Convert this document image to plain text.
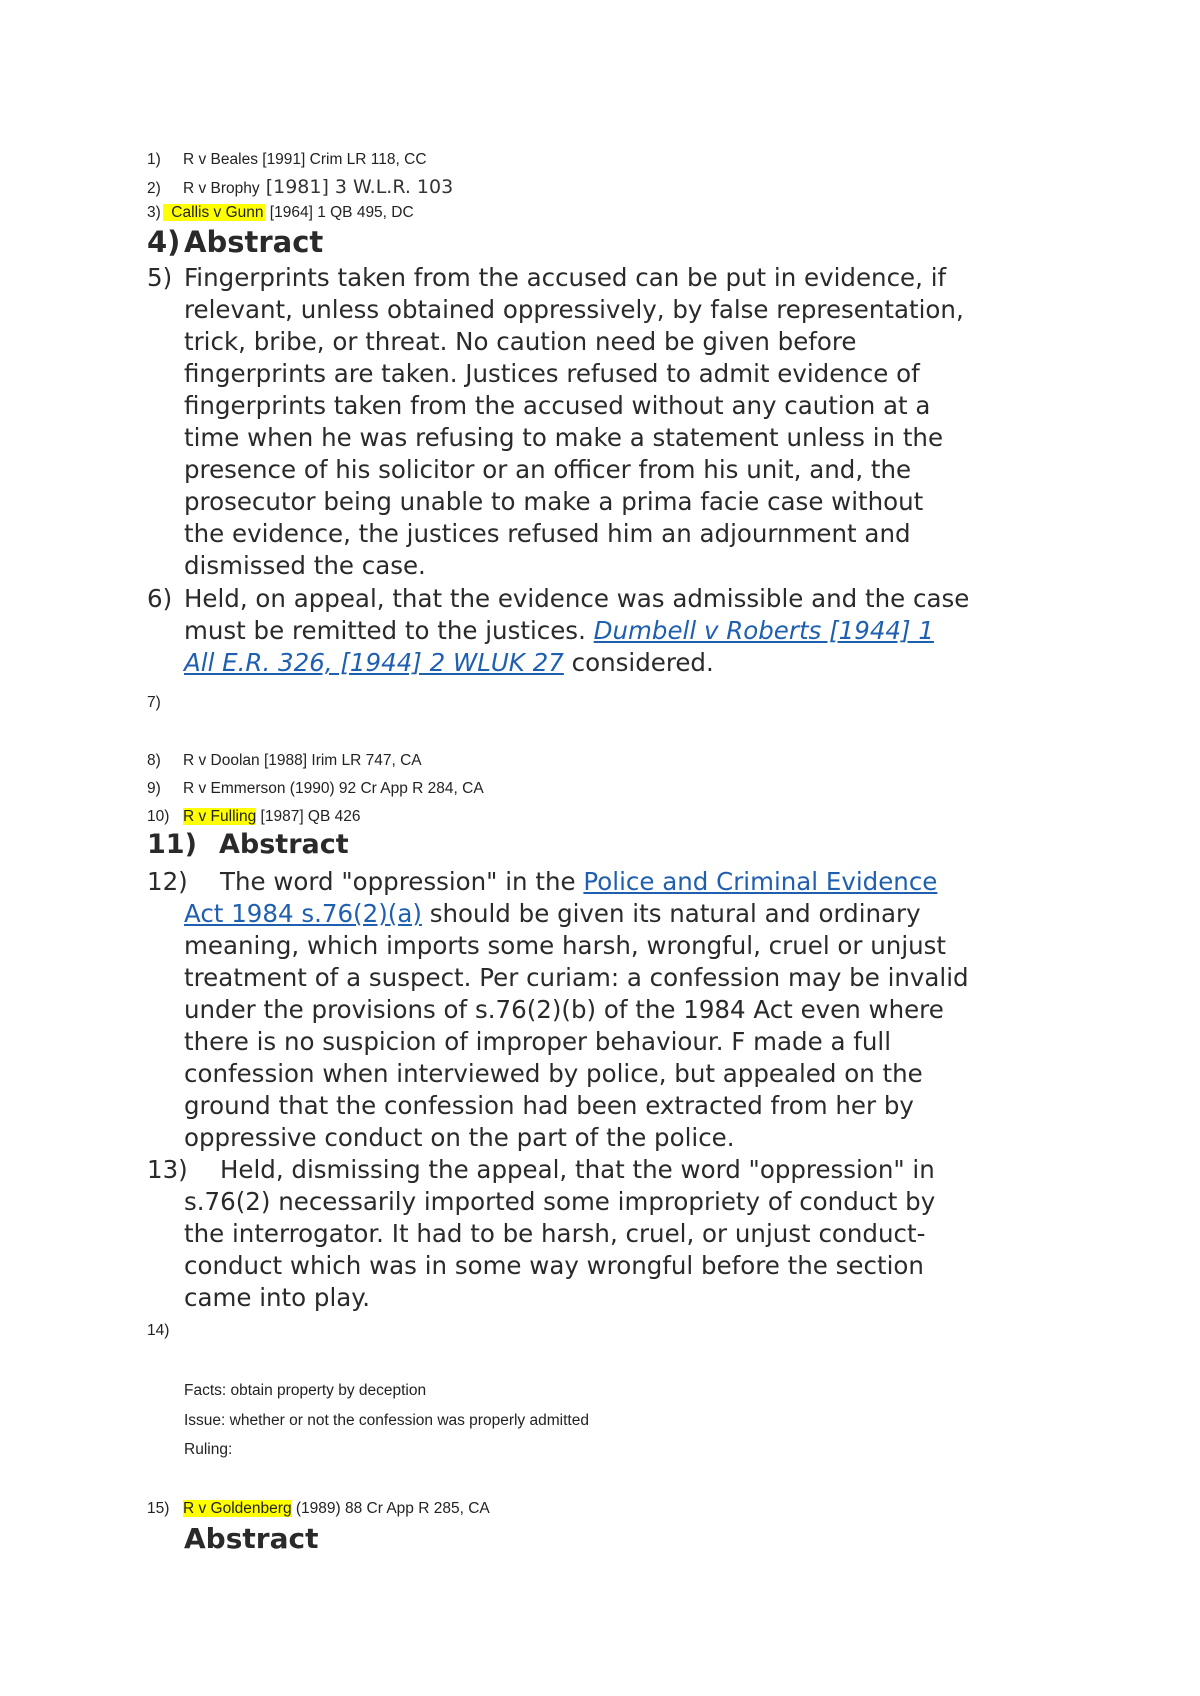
1) R v Beales [1991] Crim LR 118, CC
2) R v Brophy [1981] 3 W.L.R. 103
3) Callis v Gunn [1964] 1 QB 495, DC
4) Abstract
5) Fingerprints taken from the accused can be put in evidence, if
relevant, unless obtained oppressively, by false representation,
trick, bribe, or threat. No caution need be given before
fingerprints are taken. Justices refused to admit evidence of
fingerprints taken from the accused without any caution at a
time when he was refusing to make a statement unless in the
presence of his solicitor or an officer from his unit, and, the
prosecutor being unable to make a prima facie case without
the evidence, the justices refused him an adjournment and
dismissed the case.
6) Held, on appeal, that the evidence was admissible and the case
must be remitted to the justices. Dumbell v Roberts [1944] 1
All E.R. 326, [1944] 2 WLUK 27 considered.
7)
8) R v Doolan [1988] Irim LR 747, CA
9) R v Emmerson (1990) 92 Cr App R 284, CA
10) R v Fulling [1987] QB 426
11) Abstract
12)	The word "oppression" in the Police and Criminal Evidence
Act 1984 s.76(2)(a) should be given its natural and ordinary
meaning, which imports some harsh, wrongful, cruel or unjust
treatment of a suspect. Per curiam: a confession may be invalid
under the provisions of s.76(2)(b) of the 1984 Act even where
there is no suspicion of improper behaviour. F made a full
confession when interviewed by police, but appealed on the
ground that the confession had been extracted from her by
oppressive conduct on the part of the police.
13)	Held, dismissing the appeal, that the word "oppression" in
s.76(2) necessarily imported some impropriety of conduct by
the interrogator. It had to be harsh, cruel, or unjust conduct-
conduct which was in some way wrongful before the section
came into play.
14)
Facts: obtain property by deception
Issue: whether or not the confession was properly admitted
Ruling:
15) R v Goldenberg (1989) 88 Cr App R 285, CA
Abstract
